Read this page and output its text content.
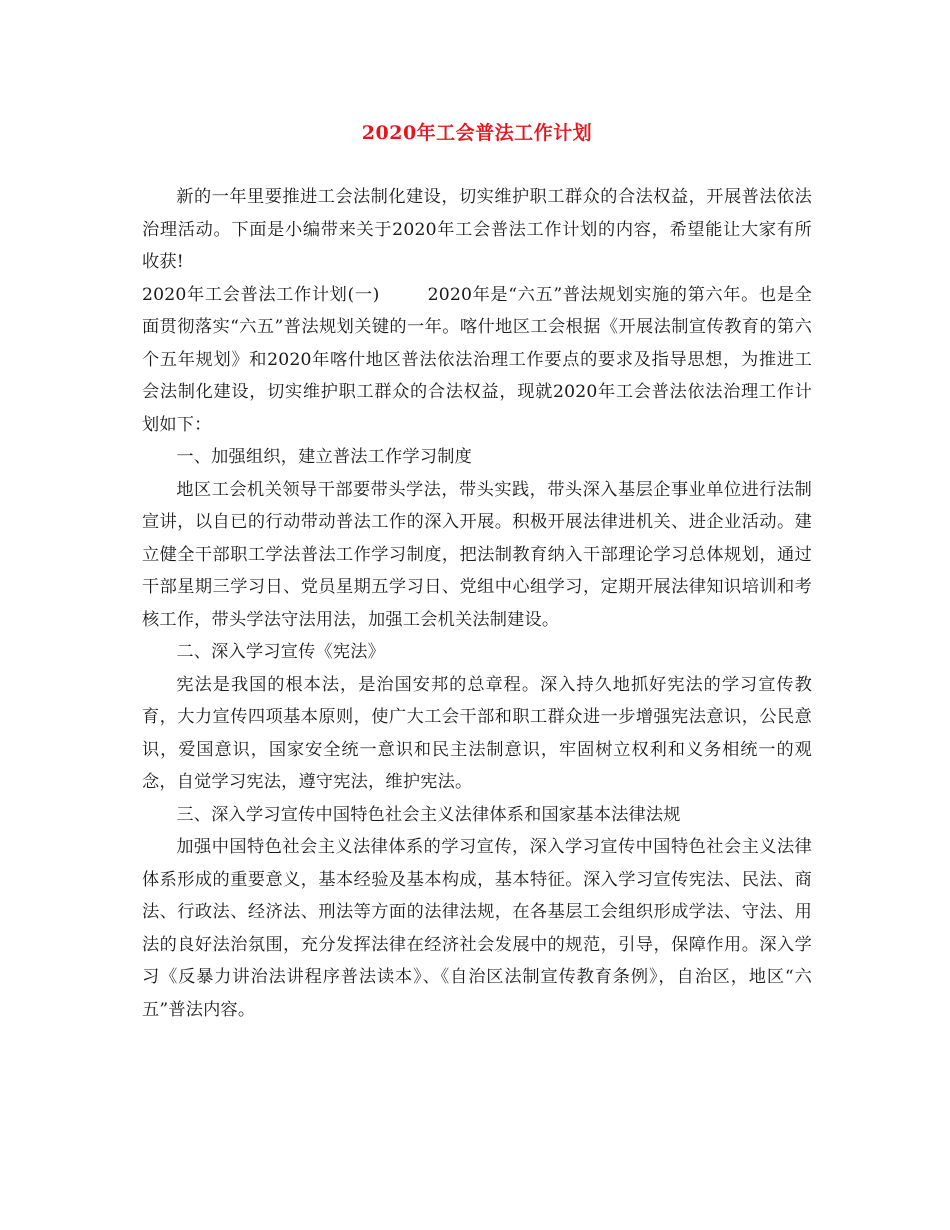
2020年工会普法工作计划

新的一年里要推进工会法制化建设，切实维护职工群众的合法权益，开展普法依法治理活动。下面是小编带来关于2020年工会普法工作计划的内容，希望能让大家有所收获!

2020年工会普法工作计划(一)	2020年是“六五”普法规划实施的第六年。也是全面贯彻落实“六五”普法规划关键的一年。喀什地区工会根据《开展法制宣传教育的第六个五年规划》和2020年喀什地区普法依法治理工作要点的要求及指导思想，为推进工会法制化建设，切实维护职工群众的合法权益，现就2020年工会普法依法治理工作计划如下：

一、加强组织，建立普法工作学习制度

地区工会机关领导干部要带头学法，带头实践，带头深入基层企事业单位进行法制宣讲，以自已的行动带动普法工作的深入开展。积极开展法律进机关、进企业活动。建立健全干部职工学法普法工作学习制度，把法制教育纳入干部理论学习总体规划，通过干部星期三学习日、党员星期五学习日、党组中心组学习，定期开展法律知识培训和考核工作，带头学法守法用法，加强工会机关法制建设。

二、深入学习宣传《宪法》

宪法是我国的根本法，是治国安邦的总章程。深入持久地抓好宪法的学习宣传教育，大力宣传四项基本原则，使广大工会干部和职工群众进一步增强宪法意识，公民意识，爱国意识，国家安全统一意识和民主法制意识，牢固树立权利和义务相统一的观念，自觉学习宪法，遵守宪法，维护宪法。

三、深入学习宣传中国特色社会主义法律体系和国家基本法律法规

加强中国特色社会主义法律体系的学习宣传，深入学习宣传中国特色社会主义法律体系形成的重要意义，基本经验及基本构成，基本特征。深入学习宣传宪法、民法、商法、行政法、经济法、刑法等方面的法律法规，在各基层工会组织形成学法、守法、用法的良好法治氛围，充分发挥法律在经济社会发展中的规范，引导，保障作用。深入学习《反暴力讲治法讲程序普法读本》、《自治区法制宣传教育条例》，自治区，地区“六五”普法内容。
